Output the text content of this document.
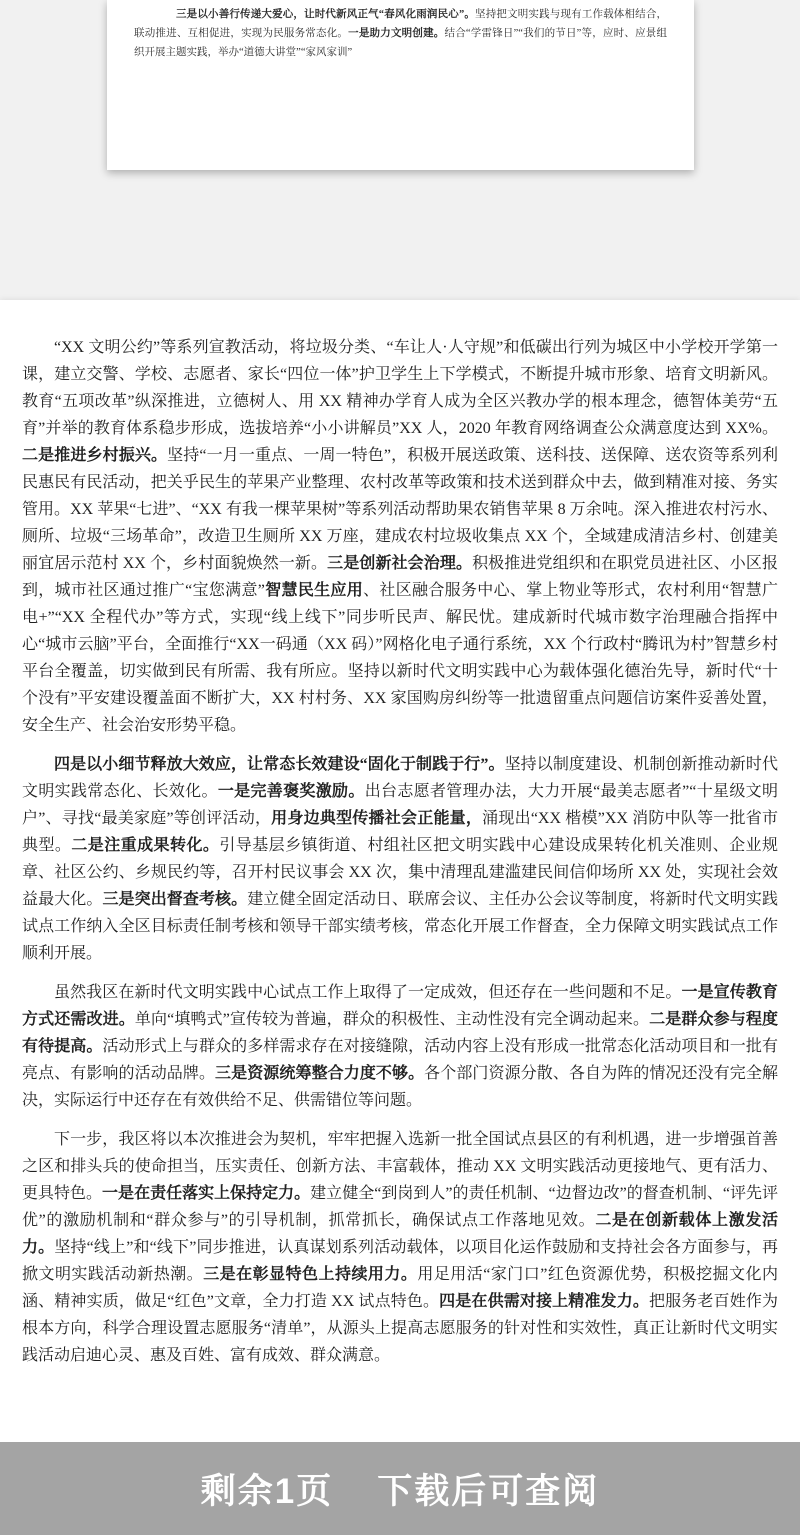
三是以小善行传递大爱心，让时代新风正气“春风化雨润民心”。坚持把文明实践与现有工作载体相结合，联动推进、互相促进，实现为民服务常态化。一是助力文明创建。结合“学雷锋日”“我们的节日”等，应时、应景组织开展主题实践，举办“道德大讲堂”“家风家训”

“XX 文明公约”等系列宣教活动，将垃圾分类、“车让人·人守规”和低碳出行列为城区中小学校开学第一课，建立交警、学校、志愿者、家长“四位一体”护卫学生上下学模式，不断提升城市形象、培育文明新风。教育“五项改革”纵深推进，立德树人、用 XX 精神办学育人成为全区兴教办学的根本理念，德智体美劳“五育”并举的教育体系稳步形成，选拔培养“小小讲解员”XX 人，2020 年教育网络调查公众满意度达到 XX%。二是推进乡村振兴。坚持“一月一重点、一周一特色”，积极开展送政策、送科技、送保障、送农资等系列利民惠民有民活动，把关乎民生的苹果产业整理、农村改革等政策和技术送到群众中去，做到精准对接、务实管用。XX 苹果“七进”、“XX 有我一棵苹果树”等系列活动帮助果农销售苹果 8 万余吨。深入推进农村污水、厕所、垃圾“三场革命”，改造卫生厕所 XX 万座，建成农村垃圾收集点 XX 个，全域建成清洁乡村、创建美丽宜居示范村 XX 个，乡村面貌焕然一新。三是创新社会治理。积极推进党组织和在职党员进社区、小区报到，城市社区通过推广“宝您满意”智慧民生应用、社区融合服务中心、掌上物业等形式，农村利用“智慧广电+”“XX 全程代办”等方式，实现“线上线下”同步听民声、解民忧。建成新时代城市数字治理融合指挥中心“城市云脑”平台，全面推行“XX一码通（XX 码）”网格化电子通行系统，XX 个行政村“腾讯为村”智慧乡村平台全覆盖，切实做到民有所需、我有所应。坚持以新时代文明实践中心为载体强化德治先导，新时代“十个没有”平安建设覆盖面不断扩大，XX 村村务、XX 家国购房纠纷等一批遗留重点问题信访案件妥善处置，安全生产、社会治安形势平稳。

四是以小细节释放大效应，让常态长效建设“固化于制践于行”。坚持以制度建设、机制创新推动新时代文明实践常态化、长效化。一是完善褒奖激励。出台志愿者管理办法，大力开展“最美志愿者”“十星级文明户”、寻找“最美家庭”等创评活动，用身边典型传播社会正能量，涌现出“XX 楷模”XX 消防中队等一批省市典型。二是注重成果转化。引导基层乡镇街道、村组社区把文明实践中心建设成果转化机关准则、企业规章、社区公约、乡规民约等，召开村民议事会 XX 次，集中清理乱建滥建民间信仰场所 XX 处，实现社会效益最大化。三是突出督查考核。建立健全固定活动日、联席会议、主任办公会议等制度，将新时代文明实践试点工作纳入全区目标责任制考核和领导干部实绩考核，常态化开展工作督查，全力保障文明实践试点工作顺利开展。

虽然我区在新时代文明实践中心试点工作上取得了一定成效，但还存在一些问题和不足。一是宣传教育方式还需改进。单向“填鸭式”宣传较为普遍，群众的积极性、主动性没有完全调动起来。二是群众参与程度有待提高。活动形式上与群众的多样需求存在对接缝隙，活动内容上没有形成一批常态化活动项目和一批有亮点、有影响的活动品牌。三是资源统筹整合力度不够。各个部门资源分散、各自为阵的情况还没有完全解决，实际运行中还存在有效供给不足、供需错位等问题。

下一步，我区将以本次推进会为契机，牢牢把握入选新一批全国试点县区的有利机遇，进一步增强首善之区和排头兵的使命担当，压实责任、创新方法、丰富载体，推动 XX 文明实践活动更接地气、更有活力、更具特色。一是在责任落实上保持定力。建立健全“到岗到人”的责任机制、“边督边改”的督查机制、“评先评优”的激励机制和“群众参与”的引导机制，抓常抓长，确保试点工作落地见效。二是在创新载体上激发活力。坚持“线上”和“线下”同步推进，认真谋划系列活动载体，以项目化运作鼓励和支持社会各方面参与，再掀文明实践活动新热潮。三是在彰显特色上持续用力。用足用活“家门口”红色资源优势，积极挖掘文化内涵、精神实质，做足“红色”文章，全力打造 XX 试点特色。四是在供需对接上精准发力。把服务老百姓作为根本方向，科学合理设置志愿服务“清单”，从源头上提高志愿服务的针对性和实效性，真正让新时代文明实践活动启迪心灵、惠及百姓、富有成效、群众满意。

剩余1页 下载后可查阅
